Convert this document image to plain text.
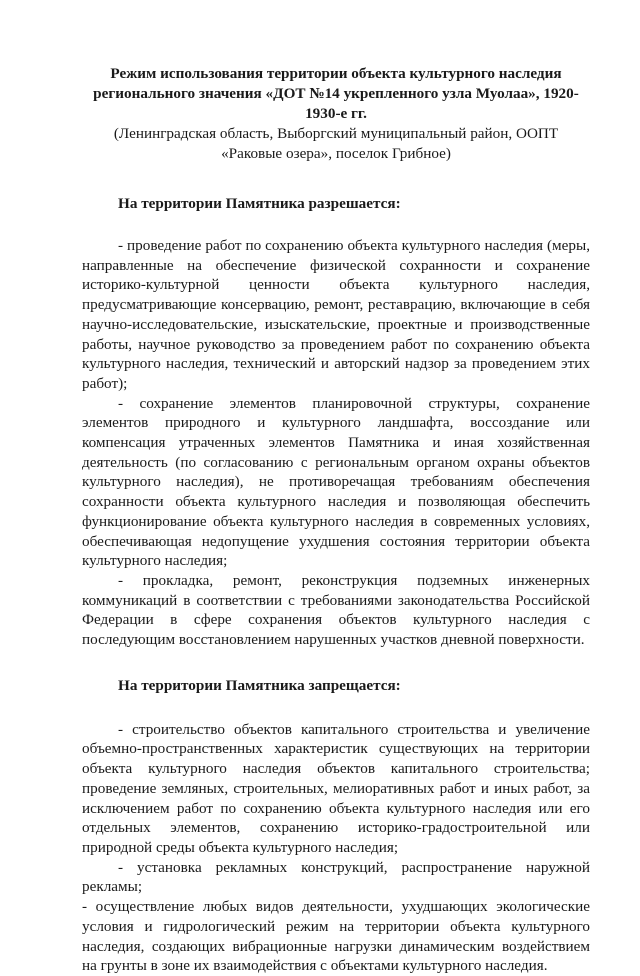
Режим использования территории объекта культурного наследия

регионального значения «ДОТ №14 укрепленного узла Муолаа», 1920-1930-е гг.

(Ленинградская область, Выборгский муниципальный район, ООПТ «Раковые озера», поселок Грибное)

На территории Памятника разрешается:

- проведение работ по сохранению объекта культурного наследия (меры, направленные на обеспечение физической сохранности и сохранение историко-культурной ценности объекта культурного наследия, предусматривающие консервацию, ремонт, реставрацию, включающие в себя научно-исследовательские, изыскательские, проектные и производственные работы, научное руководство за проведением работ по сохранению объекта культурного наследия, технический и авторский надзор за проведением этих работ);

- сохранение элементов планировочной структуры, сохранение элементов природного и культурного ландшафта, воссоздание или компенсация утраченных элементов Памятника и иная хозяйственная деятельность (по согласованию с региональным органом охраны объектов культурного наследия), не противоречащая требованиям обеспечения сохранности объекта культурного наследия и позволяющая обеспечить функционирование объекта культурного наследия в современных условиях, обеспечивающая недопущение ухудшения состояния территории объекта культурного наследия;

- прокладка, ремонт, реконструкция подземных инженерных коммуникаций в соответствии с требованиями законодательства Российской Федерации в сфере сохранения объектов культурного наследия с последующим восстановлением нарушенных участков дневной поверхности.

На территории Памятника запрещается:

- строительство объектов капитального строительства и увеличение объемно-пространственных характеристик существующих на территории объекта культурного наследия объектов капитального строительства; проведение земляных, строительных, мелиоративных работ и иных работ, за исключением работ по сохранению объекта культурного наследия или его отдельных элементов, сохранению историко-градостроительной или природной среды объекта культурного наследия;

- установка рекламных конструкций, распространение наружной рекламы;

- осуществление любых видов деятельности, ухудшающих экологические условия и гидрологический режим на территории объекта культурного наследия, создающих вибрационные нагрузки динамическим воздействием на грунты в зоне их взаимодействия с объектами культурного наследия.
